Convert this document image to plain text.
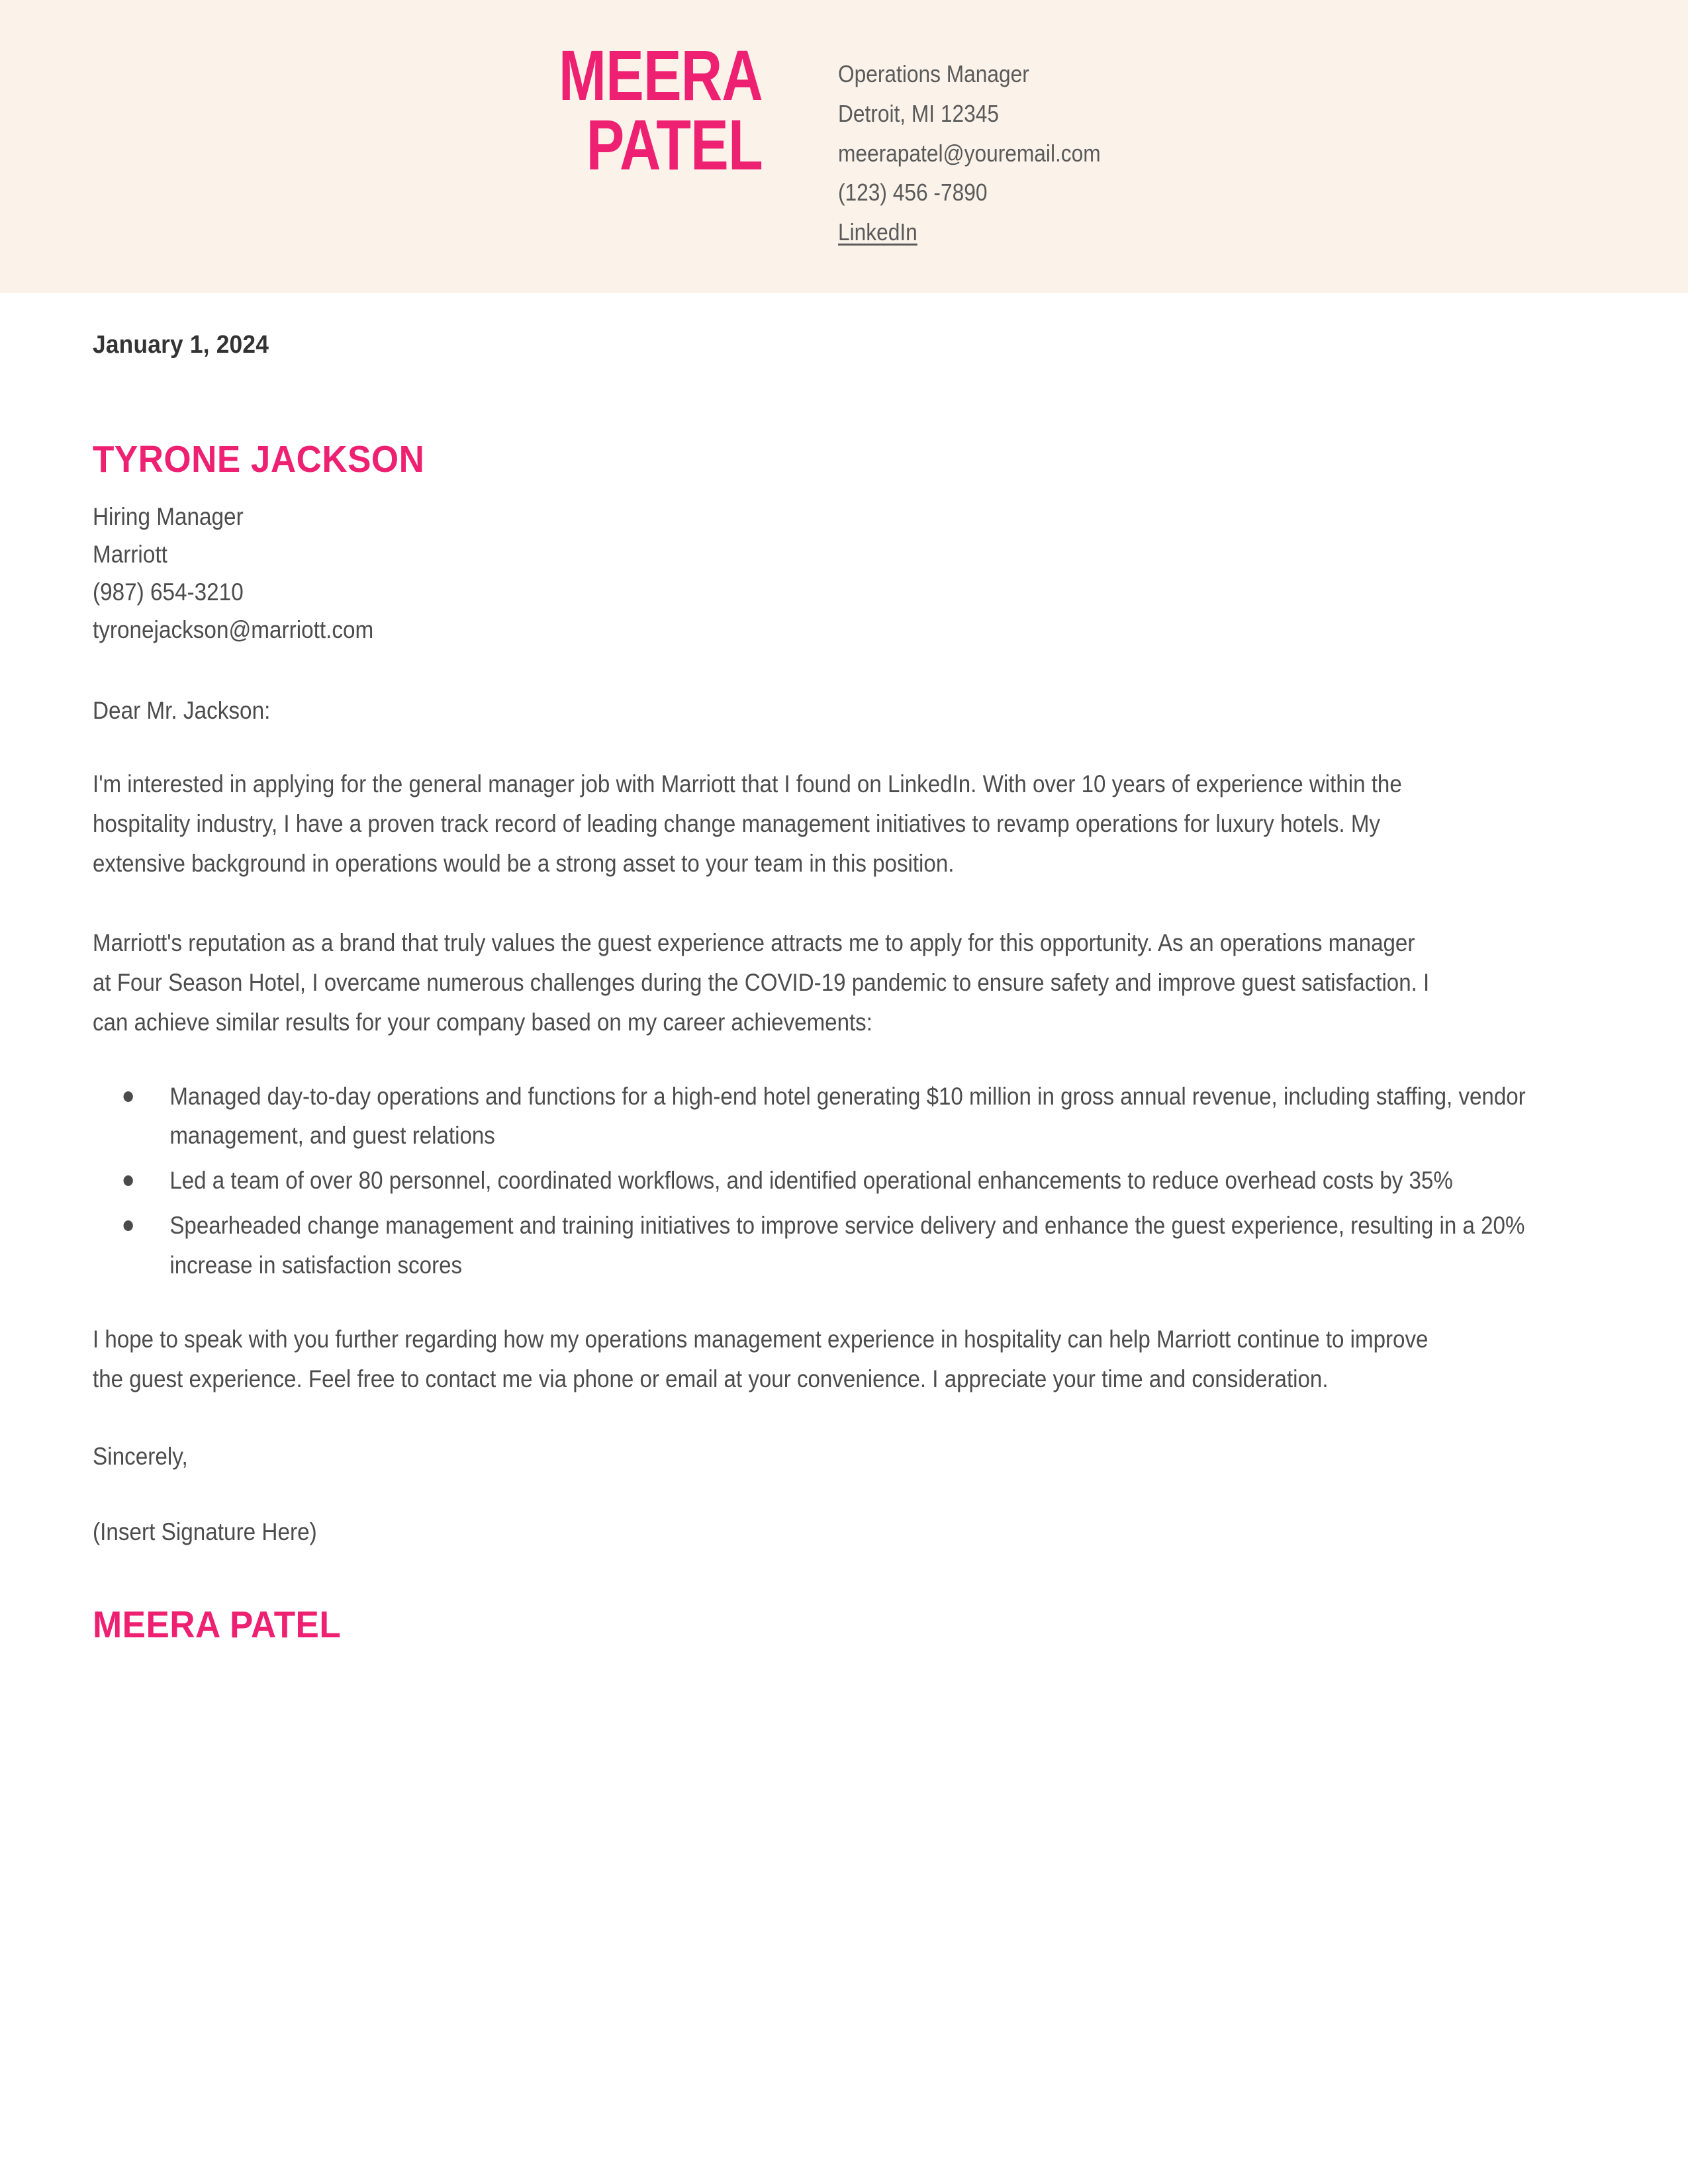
MEERA
PATEL
Operations Manager
Detroit, MI 12345
meerapatel@youremail.com
(123) 456 -7890
LinkedIn
January 1, 2024
TYRONE JACKSON
Hiring Manager
Marriott
(987) 654-3210
tyronejackson@marriott.com

Dear Mr. Jackson:

I'm interested in applying for the general manager job with Marriott that I found on LinkedIn. With over 10 years of experience within the hospitality industry, I have a proven track record of leading change management initiatives to revamp operations for luxury hotels. My extensive background in operations would be a strong asset to your team in this position.

Marriott's reputation as a brand that truly values the guest experience attracts me to apply for this opportunity. As an operations manager at Four Season Hotel, I overcame numerous challenges during the COVID-19 pandemic to ensure safety and improve guest satisfaction. I can achieve similar results for your company based on my career achievements:

Managed day-to-day operations and functions for a high-end hotel generating $10 million in gross annual revenue, including staffing, vendor management, and guest relations
Led a team of over 80 personnel, coordinated workflows, and identified operational enhancements to reduce overhead costs by 35%
Spearheaded change management and training initiatives to improve service delivery and enhance the guest experience, resulting in a 20% increase in satisfaction scores

I hope to speak with you further regarding how my operations management experience in hospitality can help Marriott continue to improve the guest experience. Feel free to contact me via phone or email at your convenience. I appreciate your time and consideration.

Sincerely,

(Insert Signature Here)

MEERA PATEL
